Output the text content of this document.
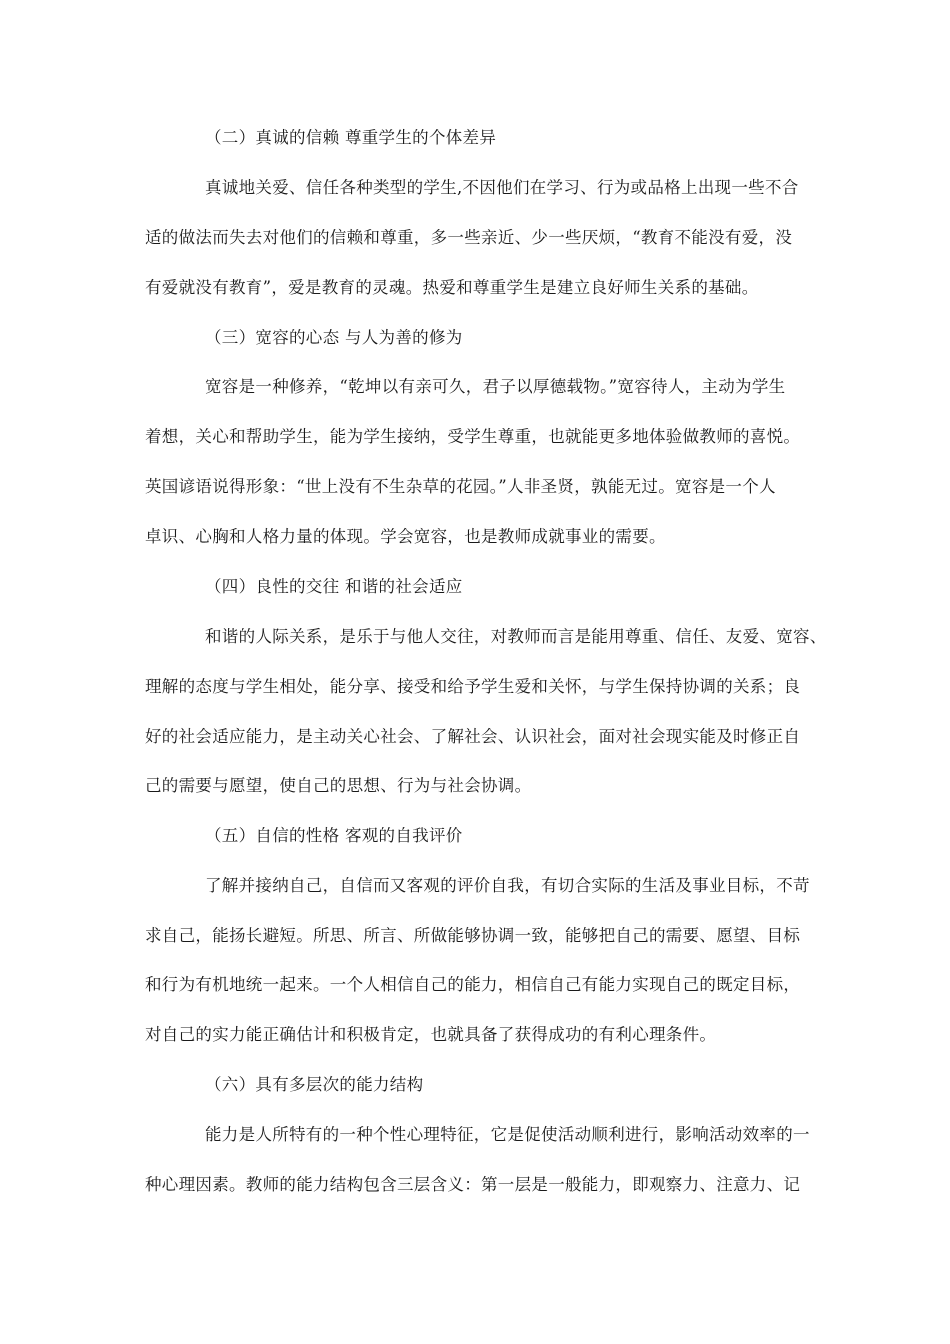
（二）真诚的信赖 尊重学生的个体差异
真诚地关爱、信任各种类型的学生,不因他们在学习、行为或品格上出现一些不合
适的做法而失去对他们的信赖和尊重，多一些亲近、少一些厌烦，“教育不能没有爱，没
有爱就没有教育”，爱是教育的灵魂。热爱和尊重学生是建立良好师生关系的基础。
（三）宽容的心态 与人为善的修为
宽容是一种修养，“乾坤以有亲可久，君子以厚德载物。”宽容待人，主动为学生
着想，关心和帮助学生，能为学生接纳，受学生尊重，也就能更多地体验做教师的喜悦。
英国谚语说得形象：“世上没有不生杂草的花园。”人非圣贤，孰能无过。宽容是一个人
卓识、心胸和人格力量的体现。学会宽容，也是教师成就事业的需要。
（四）良性的交往 和谐的社会适应
和谐的人际关系，是乐于与他人交往，对教师而言是能用尊重、信任、友爱、宽容、
理解的态度与学生相处，能分享、接受和给予学生爱和关怀，与学生保持协调的关系；良
好的社会适应能力，是主动关心社会、了解社会、认识社会，面对社会现实能及时修正自
己的需要与愿望，使自己的思想、行为与社会协调。
（五）自信的性格 客观的自我评价
了解并接纳自己，自信而又客观的评价自我，有切合实际的生活及事业目标，不苛
求自己，能扬长避短。所思、所言、所做能够协调一致，能够把自己的需要、愿望、目标
和行为有机地统一起来。一个人相信自己的能力，相信自己有能力实现自己的既定目标，
对自己的实力能正确估计和积极肯定，也就具备了获得成功的有利心理条件。
（六）具有多层次的能力结构
能力是人所特有的一种个性心理特征，它是促使活动顺利进行，影响活动效率的一
种心理因素。教师的能力结构包含三层含义：第一层是一般能力，即观察力、注意力、记
